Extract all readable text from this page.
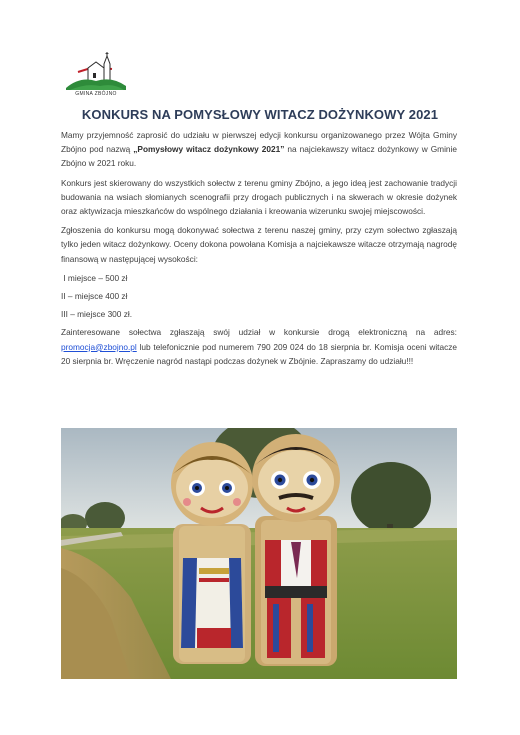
GMINA ZBÓJNO
KONKURS NA POMYSŁOWY WITACZ DOŻYNKOWY 2021

Mamy przyjemność zaprosić do udziału w pierwszej edycji konkursu organizowanego przez Wójta Gminy Zbójno pod nazwą „Pomysłowy witacz dożynkowy 2021” na najciekawszy witacz dożynkowy w Gminie Zbójno w 2021 roku.

Konkurs jest skierowany do wszystkich sołectw z terenu gminy Zbójno, a jego ideą jest zachowanie tradycji budowania na wsiach słomianych scenografii przy drogach publicznych i na skwerach w okresie dożynek oraz aktywizacja mieszkańców do wspólnego działania i kreowania wizerunku swojej miejscowości.

Zgłoszenia do konkursu mogą dokonywać sołectwa z terenu naszej gminy, przy czym sołectwo zgłaszają tylko jeden witacz dożynkowy. Oceny dokona powołana Komisja a najciekawsze witacze otrzymają nagrodę finansową w następującej wysokości:

I miejsce – 500 zł

II – miejsce 400 zł

III – miejsce 300 zł.

Zainteresowane sołectwa zgłaszają swój udział w konkursie drogą elektroniczną na adres: promocja@zbojno.pl lub telefonicznie pod numerem 790 209 024 do 18 sierpnia br. Komisja oceni witacze 20 sierpnia br. Wręczenie nagród nastąpi podczas dożynek w Zbójnie. Zapraszamy do udziału!!!
